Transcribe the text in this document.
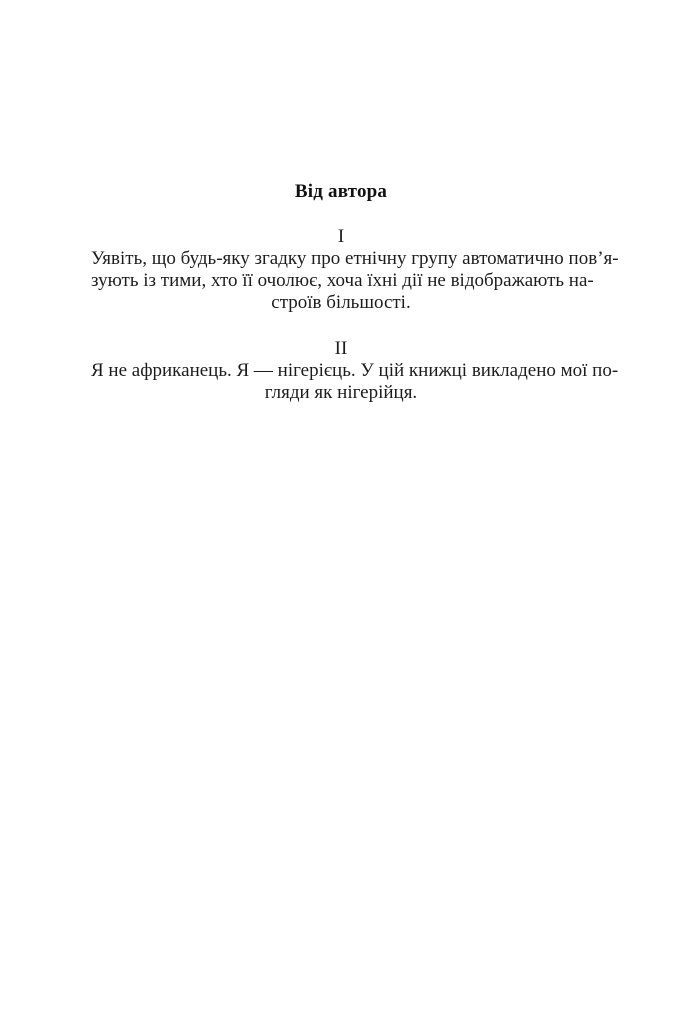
Від автора
I

Уявіть, що будь-яку згадку про етнічну групу автоматично пов’я-

зують із тими, хто її очолює, хоча їхні дії не відображають на-

строїв більшості.

II

Я не африканець. Я — нігерієць. У цій книжці викладено мої по-

гляди як нігерійця.
